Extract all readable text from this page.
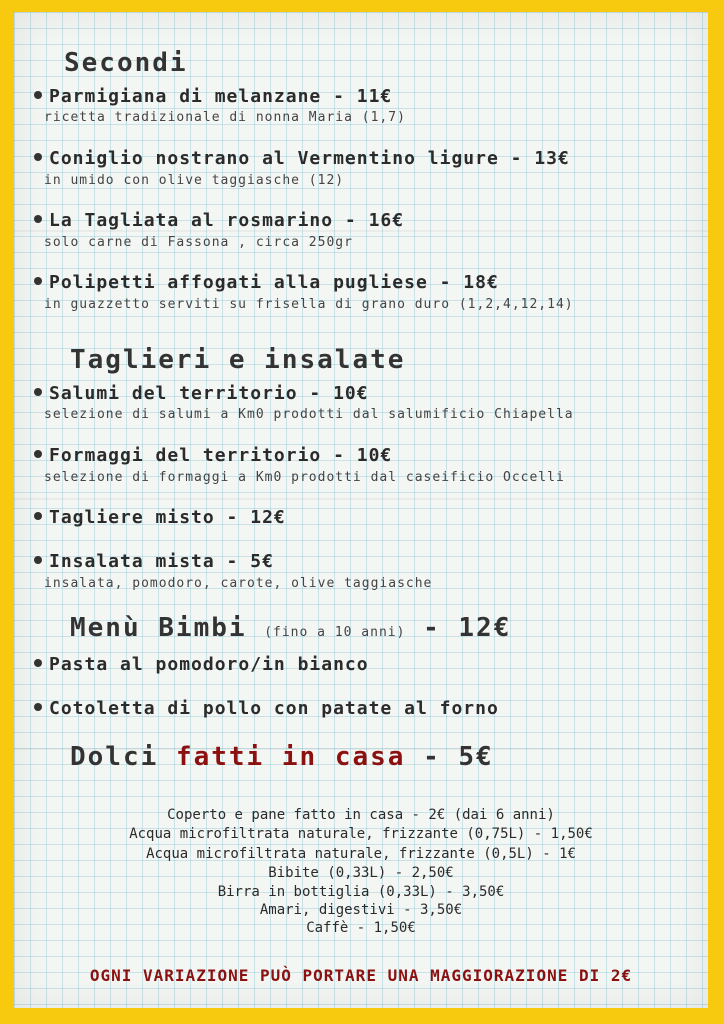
Secondi
Parmigiana di melanzane - 11€
ricetta tradizionale di nonna Maria (1,7)
Coniglio nostrano al Vermentino ligure - 13€
in umido con olive taggiasche (12)
La Tagliata al rosmarino - 16€
solo carne di Fassona , circa 250gr
Polipetti affogati alla pugliese - 18€
in guazzetto serviti su frisella di grano duro (1,2,4,12,14)
Taglieri e insalate
Salumi del territorio - 10€
selezione di salumi a Km0 prodotti dal salumificio Chiapella
Formaggi del territorio - 10€
selezione di formaggi a Km0 prodotti dal caseificio Occelli
Tagliere misto - 12€
Insalata mista - 5€
insalata, pomodoro, carote, olive taggiasche
Menù Bimbi (fino a 10 anni) - 12€
Pasta al pomodoro/in bianco
Cotoletta di pollo con patate al forno
Dolci fatti in casa - 5€
Coperto e pane fatto in casa - 2€ (dai 6 anni)
Acqua microfiltrata naturale, frizzante (0,75L) - 1,50€
Acqua microfiltrata naturale, frizzante (0,5L) - 1€
Bibite (0,33L) - 2,50€
Birra in bottiglia (0,33L) - 3,50€
Amari, digestivi - 3,50€
Caffè - 1,50€
OGNI VARIAZIONE PUÒ PORTARE UNA MAGGIORAZIONE DI 2€
